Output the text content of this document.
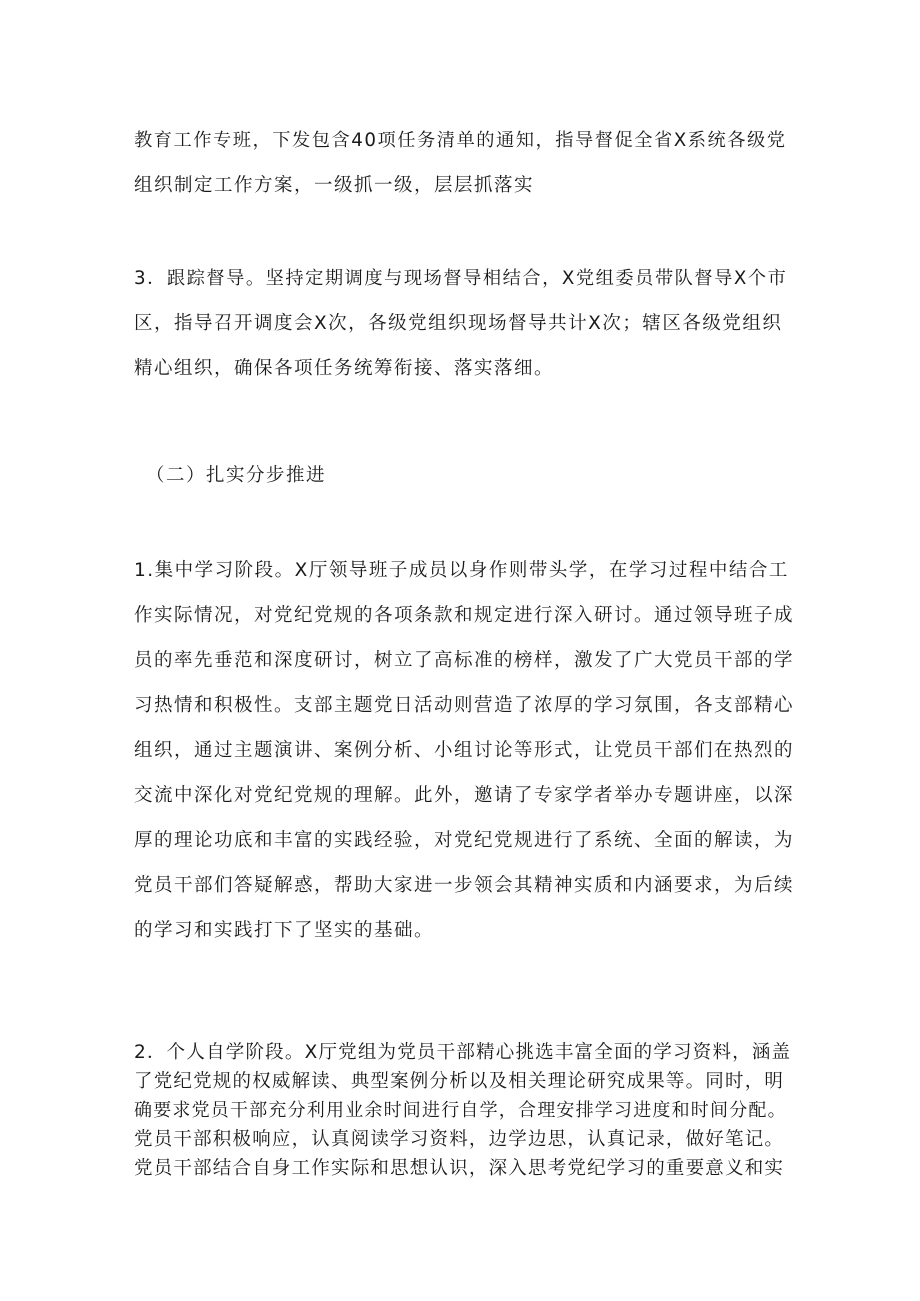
教育工作专班，下发包含40项任务清单的通知，指导督促全省X系统各级党
组织制定工作方案，一级抓一级，层层抓落实

3．跟踪督导。坚持定期调度与现场督导相结合，X党组委员带队督导X个市
区，指导召开调度会X次，各级党组织现场督导共计X次；辖区各级党组织
精心组织，确保各项任务统筹衔接、落实落细。

（二）扎实分步推进

1.集中学习阶段。X厅领导班子成员以身作则带头学，在学习过程中结合工
作实际情况，对党纪党规的各项条款和规定进行深入研讨。通过领导班子成
员的率先垂范和深度研讨，树立了高标准的榜样，激发了广大党员干部的学
习热情和积极性。支部主题党日活动则营造了浓厚的学习氛围，各支部精心
组织，通过主题演讲、案例分析、小组讨论等形式，让党员干部们在热烈的
交流中深化对党纪党规的理解。此外，邀请了专家学者举办专题讲座，以深
厚的理论功底和丰富的实践经验，对党纪党规进行了系统、全面的解读，为
党员干部们答疑解惑，帮助大家进一步领会其精神实质和内涵要求，为后续
的学习和实践打下了坚实的基础。

2．个人自学阶段。X厅党组为党员干部精心挑选丰富全面的学习资料，涵盖
了党纪党规的权威解读、典型案例分析以及相关理论研究成果等。同时，明
确要求党员干部充分利用业余时间进行自学，合理安排学习进度和时间分配。
党员干部积极响应，认真阅读学习资料，边学边思，认真记录，做好笔记。
党员干部结合自身工作实际和思想认识，深入思考党纪学习的重要意义和实
